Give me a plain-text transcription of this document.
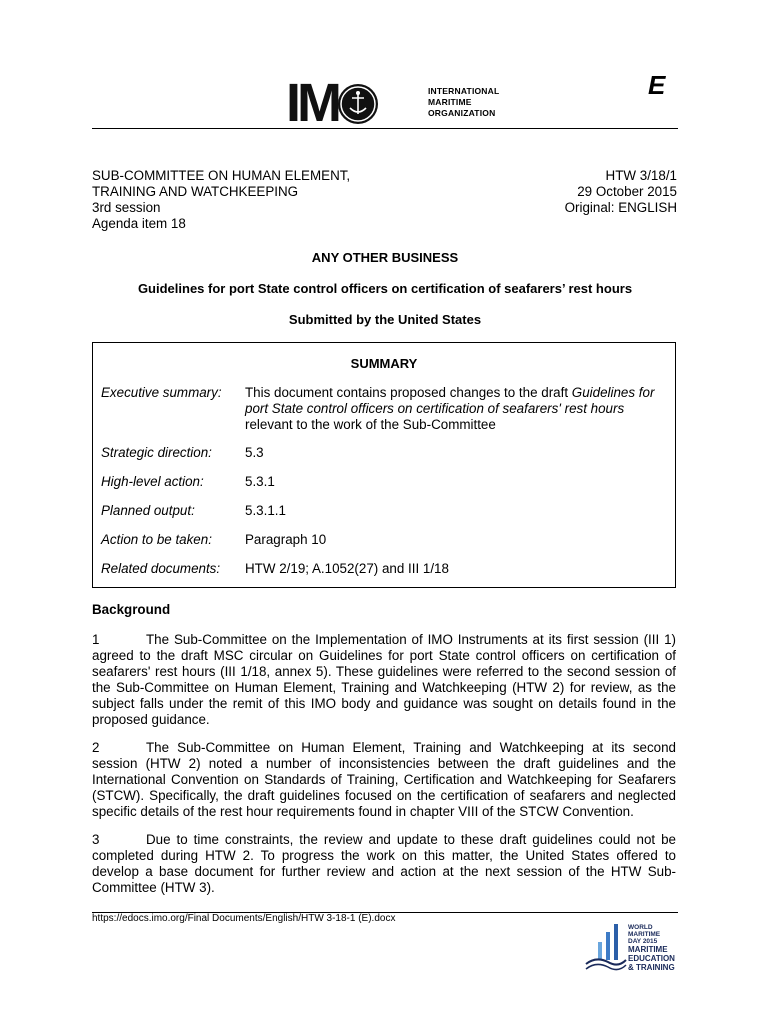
IM	INTERNATIONAL
MARITIME
ORGANIZATION
E
SUB-COMMITTEE ON HUMAN ELEMENT,
TRAINING AND WATCHKEEPING
3rd session
Agenda item 18
HTW 3/18/1
29 October 2015
Original: ENGLISH
ANY OTHER BUSINESS
Guidelines for port State control officers on certification of seafarers’ rest hours
Submitted by the United States
SUMMARY
Executive summary: This document contains proposed changes to the draft Guidelines for port State control officers on certification of seafarers' rest hours relevant to the work of the Sub-Committee
Strategic direction: 5.3
High-level action:	5.3.1
Planned output:	5.3.1.1
Action to be taken: Paragraph 10
Related documents: HTW 2/19; A.1052(27) and III 1/18
Background
1	The Sub-Committee on the Implementation of IMO Instruments at its first session (III 1) agreed to the draft MSC circular on Guidelines for port State control officers on certification of seafarers' rest hours (III 1/18, annex 5). These guidelines were referred to the second session of the Sub-Committee on Human Element, Training and Watchkeeping (HTW 2) for review, as the subject falls under the remit of this IMO body and guidance was sought on details found in the proposed guidance.
2	The Sub-Committee on Human Element, Training and Watchkeeping at its second session (HTW 2) noted a number of inconsistencies between the draft guidelines and the International Convention on Standards of Training, Certification and Watchkeeping for Seafarers (STCW). Specifically, the draft guidelines focused on the certification of seafarers and neglected specific details of the rest hour requirements found in chapter VIII of the STCW Convention.
3	Due to time constraints, the review and update to these draft guidelines could not be completed during HTW 2. To progress the work on this matter, the United States offered to develop a base document for further review and action at the next session of the HTW Sub-Committee (HTW 3).
https://edocs.imo.org/Final Documents/English/HTW 3-18-1 (E).docx
WORLD
MARITIME
DAY 2015
MARITIME
EDUCATION
& TRAINING
